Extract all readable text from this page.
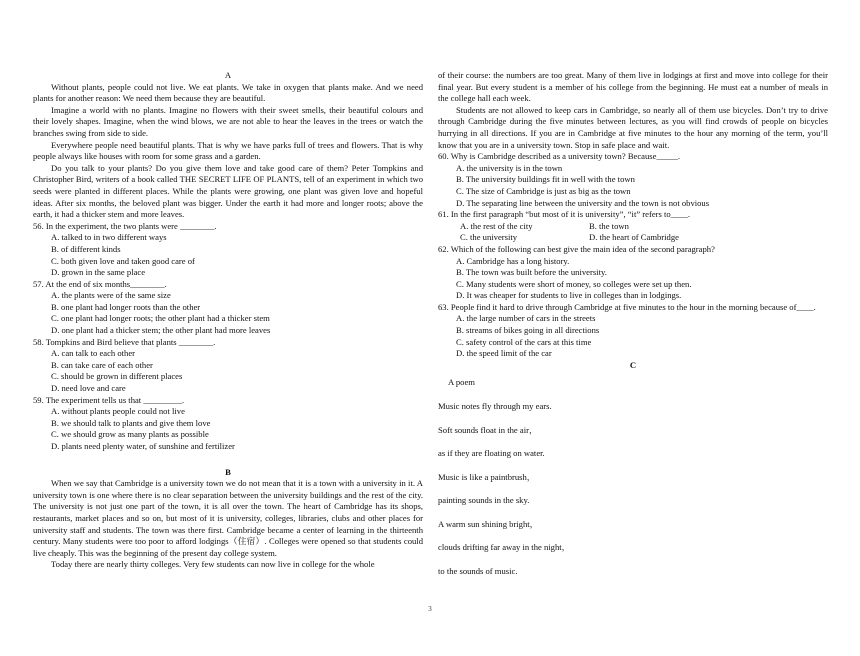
A

Without plants, people could not live. We eat plants. We take in oxygen that plants make. And we need plants for another reason: We need them because they are beautiful.

Imagine a world with no plants. Imagine no flowers with their sweet smells, their beautiful colours and their lovely shapes. Imagine, when the wind blows, we are not able to hear the leaves in the trees or watch the branches swing from side to side.

Everywhere people need beautiful plants. That is why we have parks full of trees and flowers. That is why people always like houses with room for some grass and a garden.

Do you talk to your plants? Do you give them love and take good care of them? Peter Tompkins and Christopher Bird, writers of a book called THE SECRET LIFE OF PLANTS, tell of an experiment in which two seeds were planted in different places. While the plants were growing, one plant was given love and hopeful ideas. After six months, the beloved plant was bigger. Under the earth it had more and longer roots; above the earth, it had a thicker stem and more leaves.

56. In the experiment, the two plants were ________.

A. talked to in two different ways

B. of different kinds

C. both given love and taken good care of

D. grown in the same place

57. At the end of six months________.

A. the plants were of the same size

B. one plant had longer roots than the other

C. one plant had longer roots; the other plant had a thicker stem

D. one plant had a thicker stem; the other plant had more leaves

58. Tompkins and Bird believe that plants ________.

A. can talk to each other

B. can take care of each other

C. should be grown in different places

D. need love and care

59. The experiment tells us that _________.

A. without plants people could not live

B. we should talk to plants and give them love

C. we should grow as many plants as possible

D. plants need plenty water, of sunshine and fertilizer

B

When we say that Cambridge is a university town we do not mean that it is a town with a university in it. A university town is one where there is no clear separation between the university buildings and the rest of the city. The university is not just one part of the town, it is all over the town. The heart of Cambridge has its shops, restaurants, market places and so on, but most of it is university, colleges, libraries, clubs and other places for university staff and students. The town was there first. Cambridge became a center of learning in the thirteenth century. Many students were too poor to afford lodgings（住宿）. Colleges were opened so that students could live cheaply. This was the beginning of the present day college system.

Today there are nearly thirty colleges. Very few students can now live in college for the whole

of their course: the numbers are too great. Many of them live in lodgings at first and move into college for their final year. But every student is a member of his college from the beginning. He must eat a number of meals in the college hall each week.

Students are not allowed to keep cars in Cambridge, so nearly all of them use bicycles. Don’t try to drive through Cambridge during the five minutes between lectures, as you will find crowds of people on bicycles hurrying in all directions. If you are in Cambridge at five minutes to the hour any morning of the term, you’ll know that you are in a university town. Stop in safe place and wait.

60. Why is Cambridge described as a university town? Because_____.

A. the university is in the town

B. The university buildings fit in well with the town

C. The size of Cambridge is just as big as the town

D. The separating line between the university and the town is not obvious

61. In the first paragraph “but most of it is university”, “it” refers to____.

A. the rest of the city	B. the town
C. the university	D. the heart of Cambridge

62. Which of the following can best give the main idea of the second paragraph?

A. Cambridge has a long history.

B. The town was built before the university.

C. Many students were short of money, so colleges were set up then.

D. It was cheaper for students to live in colleges than in lodgings.

63. People find it hard to drive through Cambridge at five minutes to the hour in the morning because of____.

A. the large number of cars in the streets

B. streams of bikes going in all directions

C. safety control of the cars at this time

D. the speed limit of the car

C

A poem

Music notes fly through my ears.

Soft sounds float in the air，

as if they are floating on water.

Music is like a paintbrush，

painting sounds in the sky.

A warm sun shining bright，

clouds drifting far away in the night，

to the sounds of music.

3
